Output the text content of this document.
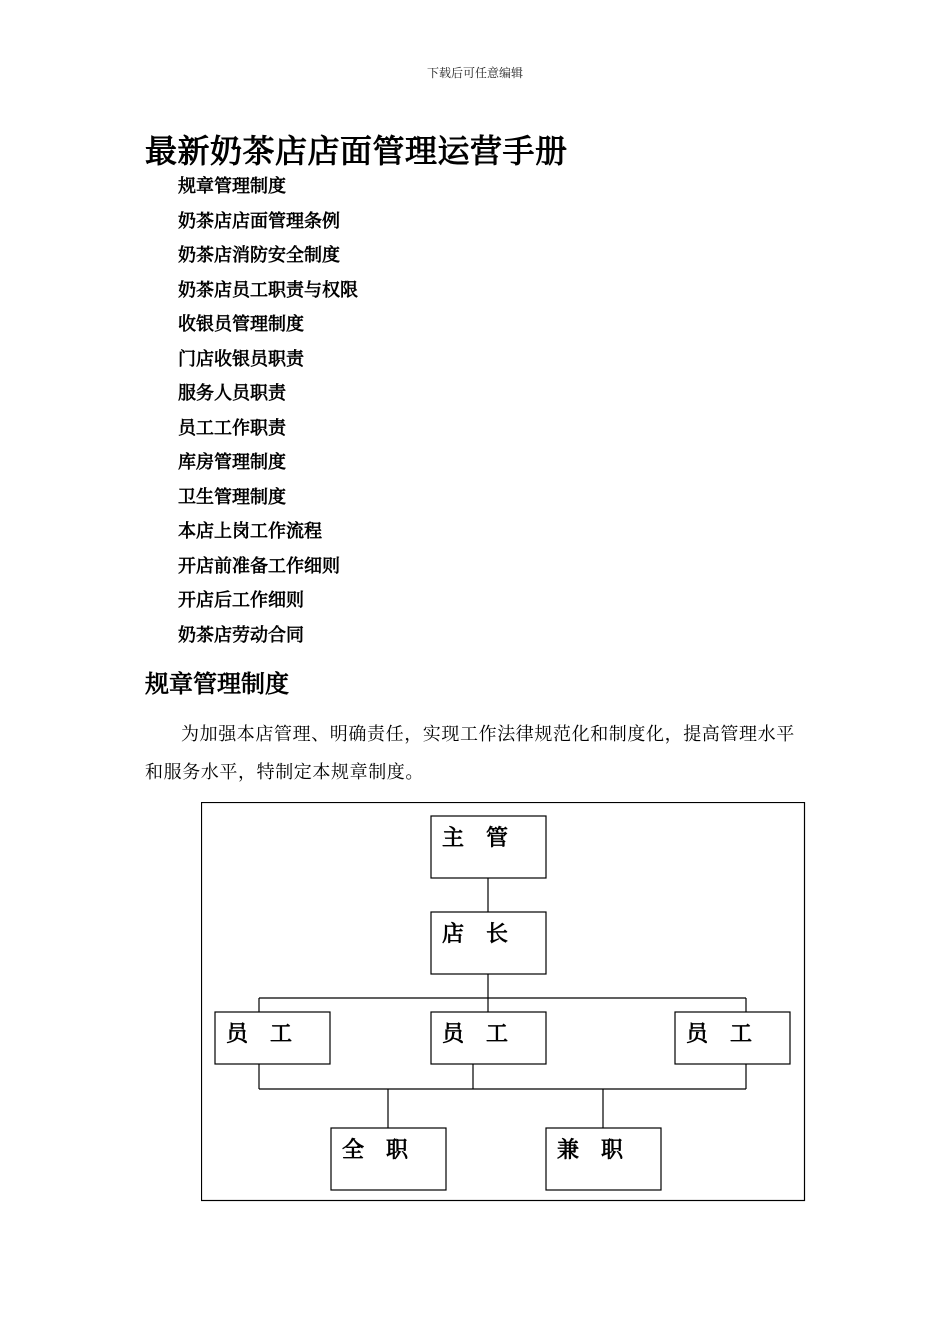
下载后可任意编辑
最新奶茶店店面管理运营手册
规章管理制度
奶茶店店面管理条例
奶茶店消防安全制度
奶茶店员工职责与权限
收银员管理制度
门店收银员职责
服务人员职责
员工工作职责
库房管理制度
卫生管理制度
本店上岗工作流程
开店前准备工作细则
开店后工作细则
奶茶店劳动合同
规章管理制度

为加强本店管理、明确责任，实现工作法律规范化和制度化，提高管理水平和服务水平，特制定本规章制度。

主　管
店　长
员　工	员　工	员　工
全　职	兼　职
